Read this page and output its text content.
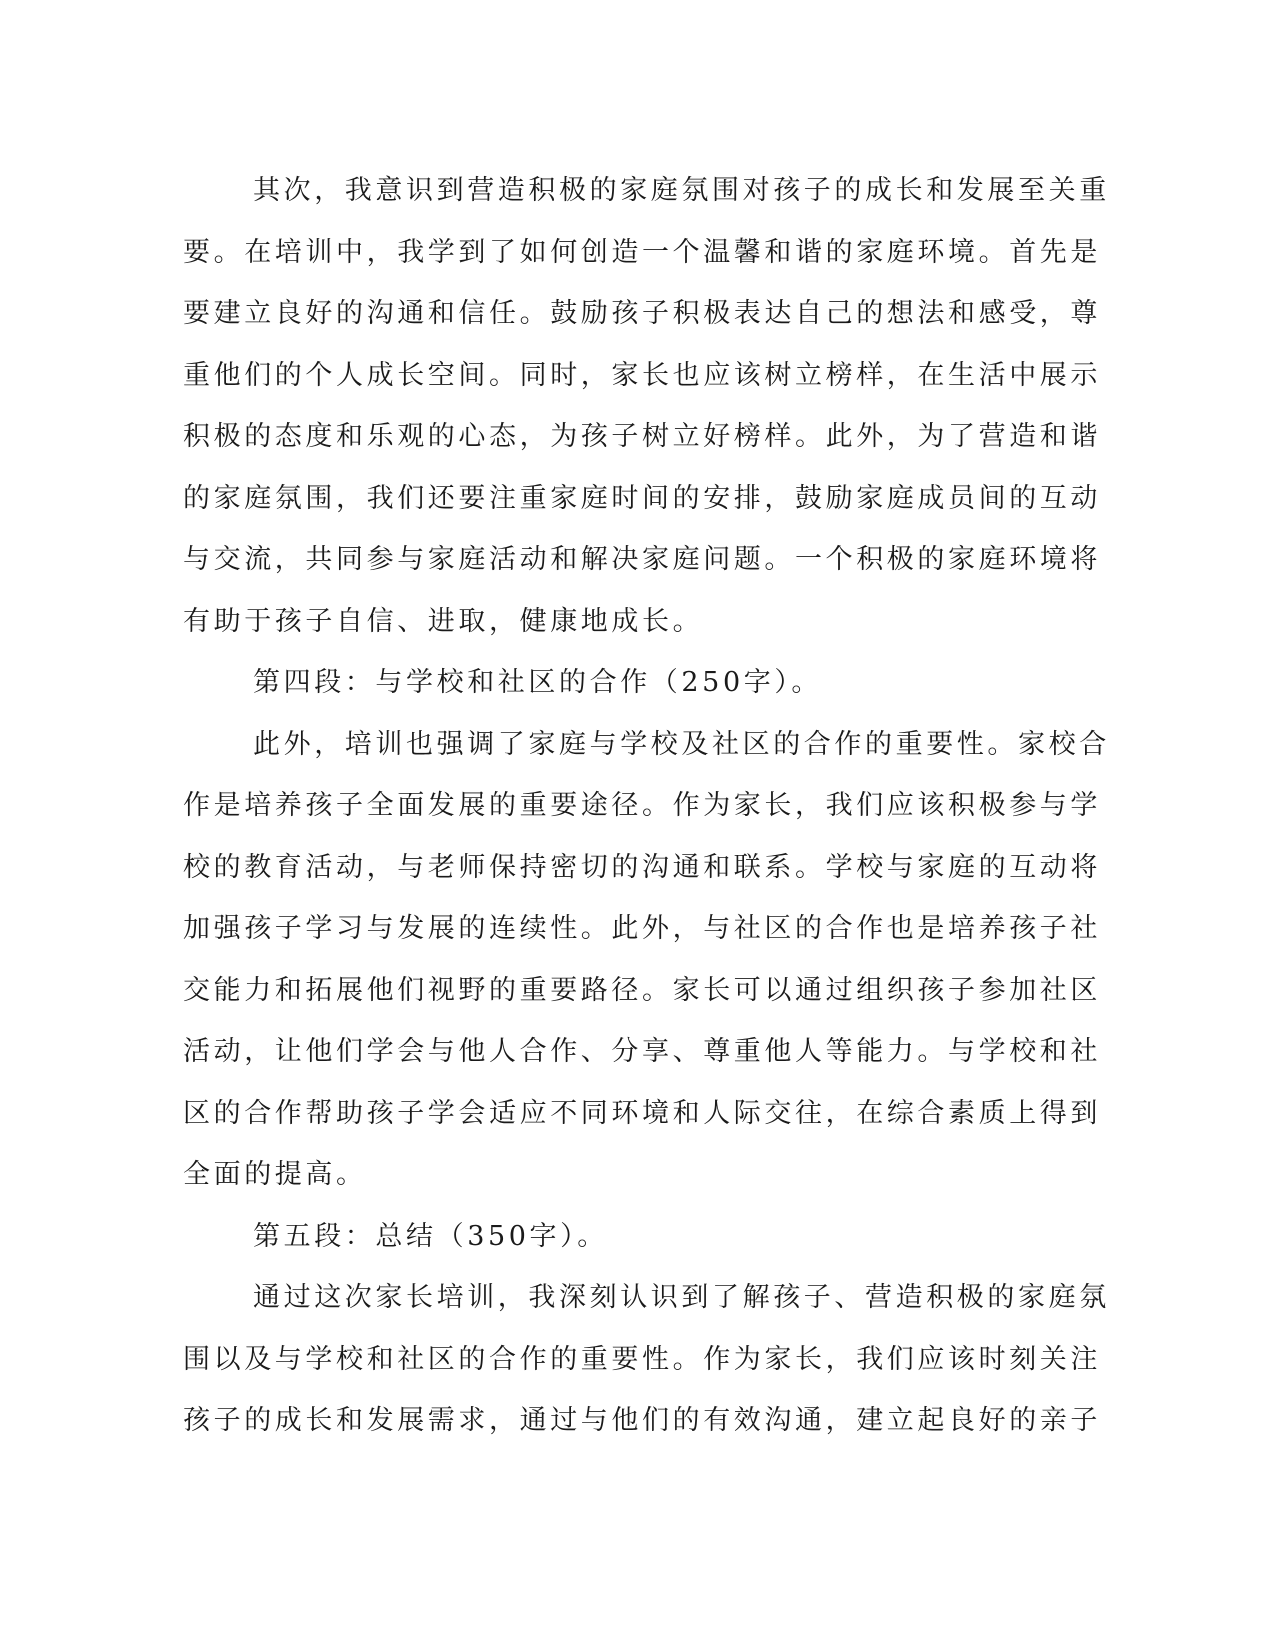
其次，我意识到营造积极的家庭氛围对孩子的成长和发展至关重
要。在培训中，我学到了如何创造一个温馨和谐的家庭环境。首先是
要建立良好的沟通和信任。鼓励孩子积极表达自己的想法和感受，尊
重他们的个人成长空间。同时，家长也应该树立榜样，在生活中展示
积极的态度和乐观的心态，为孩子树立好榜样。此外，为了营造和谐
的家庭氛围，我们还要注重家庭时间的安排，鼓励家庭成员间的互动
与交流，共同参与家庭活动和解决家庭问题。一个积极的家庭环境将
有助于孩子自信、进取，健康地成长。
第四段：与学校和社区的合作（250字）。
此外，培训也强调了家庭与学校及社区的合作的重要性。家校合
作是培养孩子全面发展的重要途径。作为家长，我们应该积极参与学
校的教育活动，与老师保持密切的沟通和联系。学校与家庭的互动将
加强孩子学习与发展的连续性。此外，与社区的合作也是培养孩子社
交能力和拓展他们视野的重要路径。家长可以通过组织孩子参加社区
活动，让他们学会与他人合作、分享、尊重他人等能力。与学校和社
区的合作帮助孩子学会适应不同环境和人际交往，在综合素质上得到
全面的提高。
第五段：总结（350字）。
通过这次家长培训，我深刻认识到了解孩子、营造积极的家庭氛
围以及与学校和社区的合作的重要性。作为家长，我们应该时刻关注
孩子的成长和发展需求，通过与他们的有效沟通，建立起良好的亲子
